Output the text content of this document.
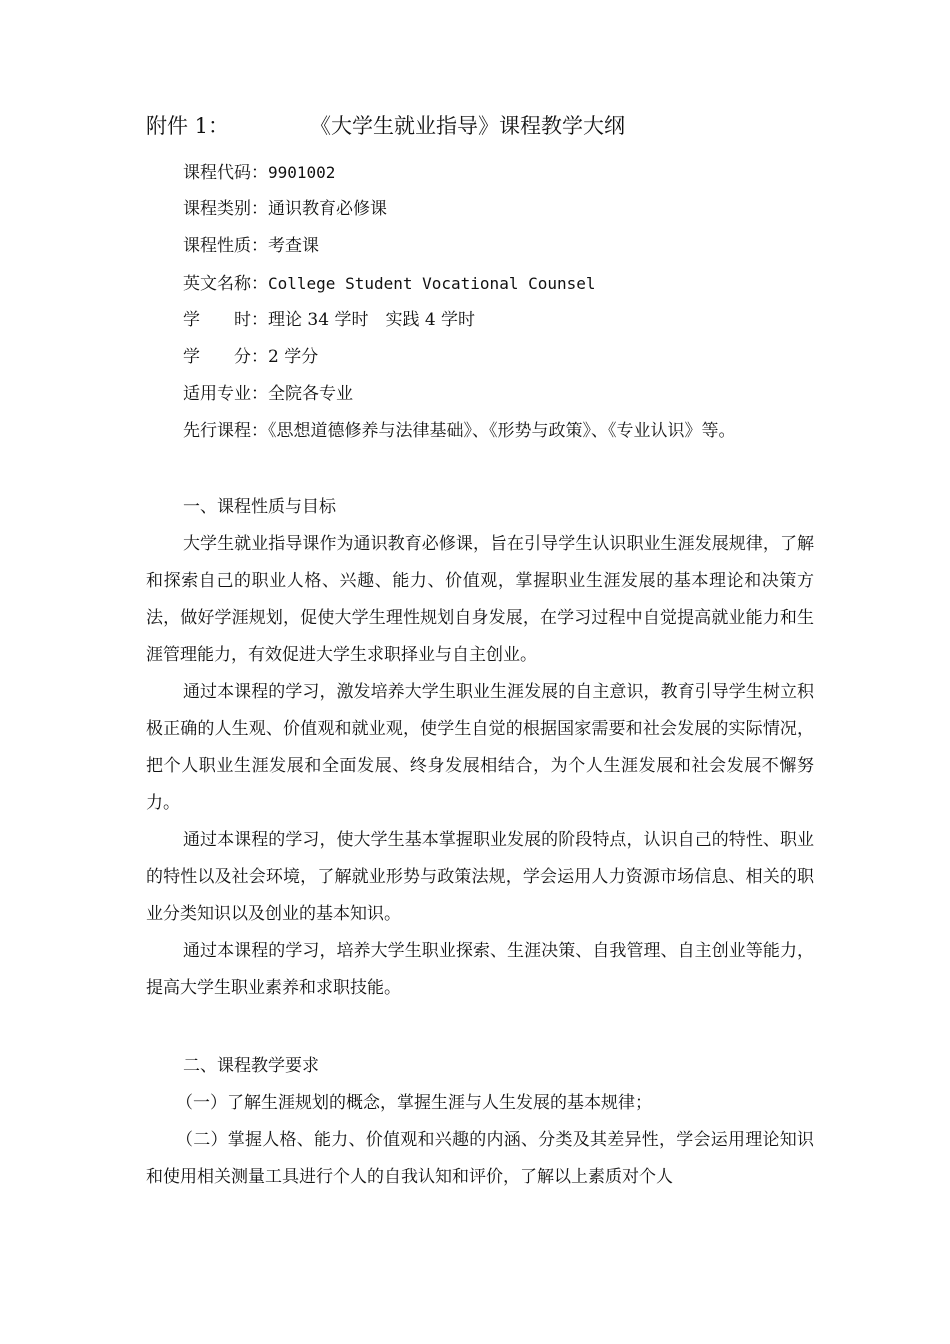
附件 1：	《大学生就业指导》课程教学大纲
课程代码：9901002
课程类别：通识教育必修课
课程性质：考查课
英文名称：College Student Vocational Counsel
学　　时：理论 34 学时　实践 4 学时
学　　分：2 学分
适用专业：全院各专业
先行课程：《思想道德修养与法律基础》、《形势与政策》、《专业认识》等。
一、课程性质与目标

大学生就业指导课作为通识教育必修课，旨在引导学生认识职业生涯发展规律，了解和探索自己的职业人格、兴趣、能力、价值观，掌握职业生涯发展的基本理论和决策方法，做好学涯规划，促使大学生理性规划自身发展，在学习过程中自觉提高就业能力和生涯管理能力，有效促进大学生求职择业与自主创业。

通过本课程的学习，激发培养大学生职业生涯发展的自主意识，教育引导学生树立积极正确的人生观、价值观和就业观，使学生自觉的根据国家需要和社会发展的实际情况，把个人职业生涯发展和全面发展、终身发展相结合，为个人生涯发展和社会发展不懈努力。

通过本课程的学习，使大学生基本掌握职业发展的阶段特点，认识自己的特性、职业的特性以及社会环境，了解就业形势与政策法规，学会运用人力资源市场信息、相关的职业分类知识以及创业的基本知识。

通过本课程的学习，培养大学生职业探索、生涯决策、自我管理、自主创业等能力，提高大学生职业素养和求职技能。

二、课程教学要求

（一）了解生涯规划的概念，掌握生涯与人生发展的基本规律；

（二）掌握人格、能力、价值观和兴趣的内涵、分类及其差异性，学会运用理论知识和使用相关测量工具进行个人的自我认知和评价，了解以上素质对个人
